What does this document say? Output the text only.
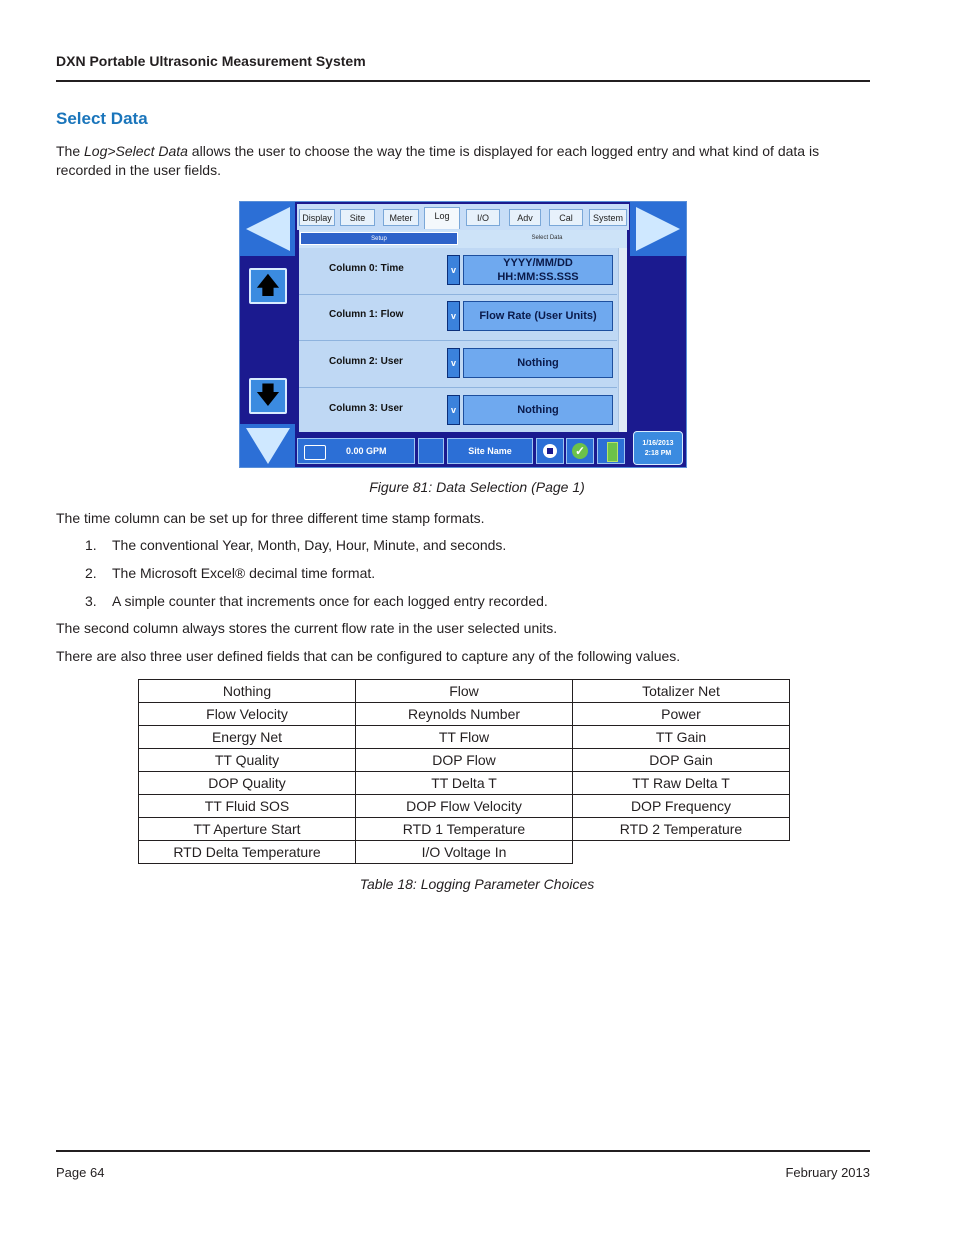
DXN Portable Ultrasonic Measurement System
Select Data
The Log>Select Data allows the user to choose the way the time is displayed for each logged entry and what kind of data is recorded in the user fields.
🡅
🡇
Display	Site	Meter	Log	I/O	Adv	Cal	System
Setup	Select Data
Column 0: Time	v
YYYY/MM/DD
HH:MM:SS.SSS
Column 1: Flow	v	Flow Rate (User Units)
Column 2: User	v	Nothing
Column 3: User	v	Nothing
0.00 GPM	Site Name	✓
1/16/2013
2:18 PM
Figure 81: Data Selection (Page 1)
The time column can be set up for three different time stamp formats.
1. The conventional Year, Month, Day, Hour, Minute, and seconds.
2. The Microsoft Excel® decimal time format.
3. A simple counter that increments once for each logged entry recorded.
The second column always stores the current flow rate in the user selected units.
There are also three user defined fields that can be configured to capture any of the following values.
Nothing	Flow	Totalizer Net
Flow Velocity	Reynolds Number	Power
Energy Net	TT Flow	TT Gain
TT Quality	DOP Flow	DOP Gain
DOP Quality	TT Delta T	TT Raw Delta T
TT Fluid SOS	DOP Flow Velocity	DOP Frequency
TT Aperture Start	RTD 1 Temperature	RTD 2 Temperature
RTD Delta Temperature	I/O Voltage In	
Table 18: Logging Parameter Choices
Page 64	February 2013
